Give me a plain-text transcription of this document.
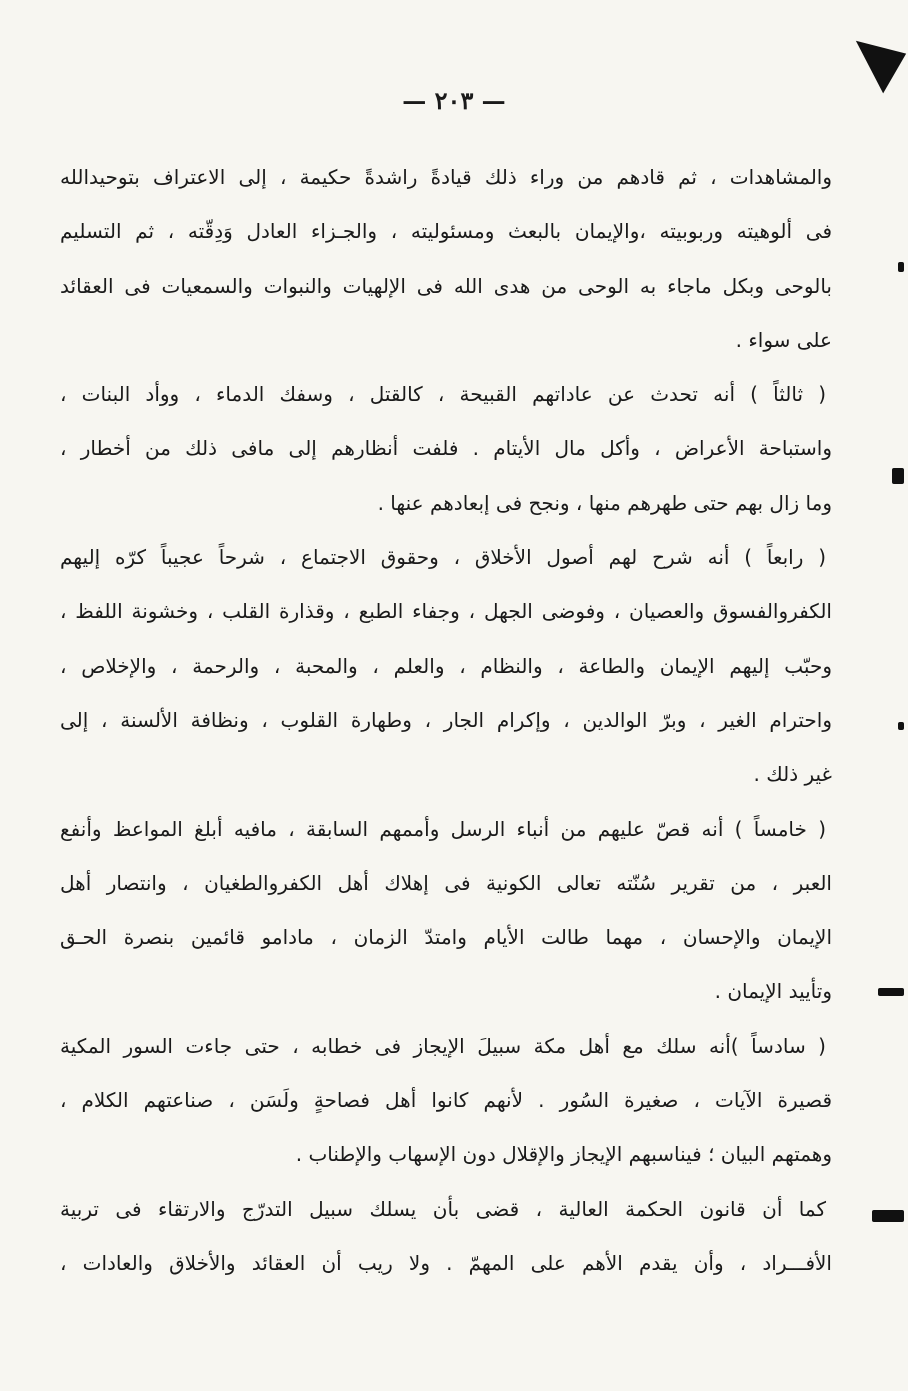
— ٢٠٣ —
والمشاهدات ، ثم قادهم من وراء ذلك قيادةً راشدةً حكيمة ، إلى الاعتراف بتوحيدالله
فى ألوهيته وربوبيته ،والإيمان بالبعث ومسئوليته ، والجـزاء العادل وَدِقّته ، ثم التسليم
بالوحى وبكل ماجاء به الوحى من هدى الله فى الإلهيات والنبوات والسمعيات فى العقائد
على سواء .
( ثالثاً ) أنه تحدث عن عاداتهم القبيحة ، كالقتل ، وسفك الدماء ، ووأد البنات ،
واستباحة الأعراض ، وأكل مال الأيتام . فلفت أنظارهم إلى مافى ذلك من أخطار ،
وما زال بهم حتى طهرهم منها ، ونجح فى إبعادهم عنها .
( رابعاً ) أنه شرح لهم أصول الأخلاق ، وحقوق الاجتماع ، شرحاً عجيباً كرّه إليهم
الكفروالفسوق والعصيان ، وفوضى الجهل ، وجفاء الطبع ، وقذارة القلب ، وخشونة اللفظ ،
وحبّب إليهم الإيمان والطاعة ، والنظام ، والعلم ، والمحبة ، والرحمة ، والإخلاص ،
واحترام الغير ، وبرّ الوالدين ، وإكرام الجار ، وطهارة القلوب ، ونظافة الألسنة ، إلى
غير ذلك .
( خامساً ) أنه قصّ عليهم من أنباء الرسل وأممهم السابقة ، مافيه أبلغ المواعظ وأنفع
العبر ، من تقرير سُنّته تعالى الكونية فى إهلاك أهل الكفروالطغيان ، وانتصار أهل
الإيمان والإحسان ، مهما طالت الأيام وامتدّ الزمان ، مادامو قائمين بنصرة الحـق
وتأييد الإيمان .
( سادساً )أنه سلك مع أهل مكة سبيلَ الإيجاز فى خطابه ، حتى جاءت السور المكية
قصيرة الآيات ، صغيرة السُور . لأنهم كانوا أهل فصاحةٍ ولَسَن ، صناعتهم الكلام ،
وهمتهم البيان ؛ فيناسبهم الإيجاز والإقلال دون الإسهاب والإطناب .
كما أن قانون الحكمة العالية ، قضى بأن يسلك سبيل التدرّج والارتقاء فى تربية
الأفـــراد ، وأن يقدم الأهم على المهمّ . ولا ريب أن العقائد والأخلاق والعادات ،
